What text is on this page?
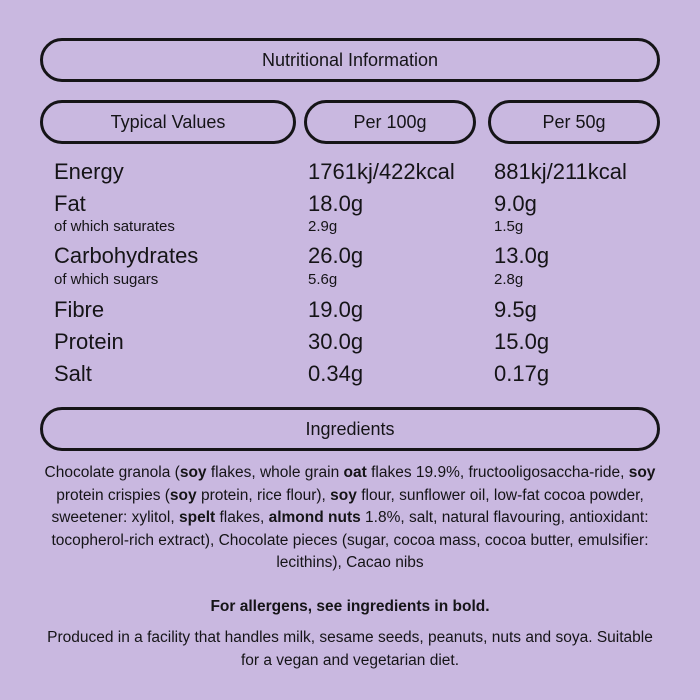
Nutritional Information
Typical Values	Per 100g	Per 50g
Energy	1761kj/422kcal 881kj/211kcal
Fat	18.0g	9.0g
of which saturates	2.9g	1.5g
Carbohydrates	26.0g	13.0g
of which sugars	5.6g	2.8g
Fibre	19.0g	9.5g
Protein	30.0g	15.0g
Salt	0.34g	0.17g
Ingredients
Chocolate granola (soy flakes, whole grain oat flakes 19.9%, fructooligosaccha-ride, soy protein crispies (soy protein, rice flour), soy flour, sunflower oil, low-fat cocoa powder, sweetener: xylitol, spelt flakes, almond nuts 1.8%, salt, natural flavouring, antioxidant: tocopherol-rich extract), Chocolate pieces (sugar, cocoa mass, cocoa butter, emulsifier: lecithins), Cacao nibs
For allergens, see ingredients in bold.
Produced in a facility that handles milk, sesame seeds, peanuts, nuts and soya. Suitable for a vegan and vegetarian diet.
